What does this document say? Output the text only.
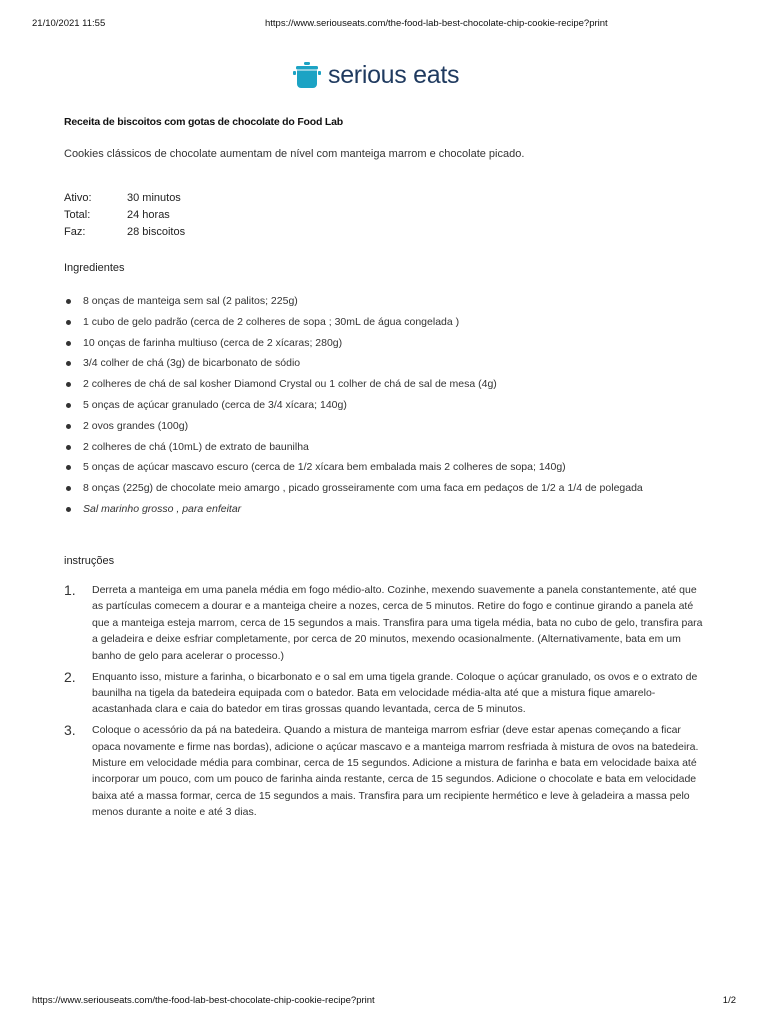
21/10/2021 11:55	https://www.seriouseats.com/the-food-lab-best-chocolate-chip-cookie-recipe?print
serious eats
Receita de biscoitos com gotas de chocolate do Food Lab
Cookies clássicos de chocolate aumentam de nível com manteiga marrom e chocolate picado.
Ativo:	30 minutos
Total:	24 horas
Faz:	28 biscoitos
Ingredientes
8 onças de manteiga sem sal (2 palitos; 225g)
1 cubo de gelo padrão (cerca de 2 colheres de sopa ; 30mL de água congelada )
10 onças de farinha multiuso (cerca de 2 xícaras; 280g)
3/4 colher de chá (3g) de bicarbonato de sódio
2 colheres de chá de sal kosher Diamond Crystal ou 1 colher de chá de sal de mesa (4g)
5 onças de açúcar granulado (cerca de 3/4 xícara; 140g)
2 ovos grandes (100g)
2 colheres de chá (10mL) de extrato de baunilha
5 onças de açúcar mascavo escuro (cerca de 1/2 xícara bem embalada mais 2 colheres de sopa; 140g)
8 onças (225g) de chocolate meio amargo , picado grosseiramente com uma faca em pedaços de 1/2 a 1/4 de polegada
Sal marinho grosso , para enfeitar
instruções
1. Derreta a manteiga em uma panela média em fogo médio-alto. Cozinhe, mexendo suavemente a panela constantemente, até que as partículas comecem a dourar e a manteiga cheire a nozes, cerca de 5 minutos. Retire do fogo e continue girando a panela até que a manteiga esteja marrom, cerca de 15 segundos a mais. Transfira para uma tigela média, bata no cubo de gelo, transfira para a geladeira e deixe esfriar completamente, por cerca de 20 minutos, mexendo ocasionalmente. (Alternativamente, bata em um banho de gelo para acelerar o processo.)
2. Enquanto isso, misture a farinha, o bicarbonato e o sal em uma tigela grande. Coloque o açúcar granulado, os ovos e o extrato de baunilha na tigela da batedeira equipada com o batedor. Bata em velocidade média-alta até que a mistura fique amarelo-acastanhada clara e caia do batedor em tiras grossas quando levantada, cerca de 5 minutos.
3. Coloque o acessório da pá na batedeira. Quando a mistura de manteiga marrom esfriar (deve estar apenas começando a ficar opaca novamente e firme nas bordas), adicione o açúcar mascavo e a manteiga marrom resfriada à mistura de ovos na batedeira. Misture em velocidade média para combinar, cerca de 15 segundos. Adicione a mistura de farinha e bata em velocidade baixa até incorporar um pouco, com um pouco de farinha ainda restante, cerca de 15 segundos. Adicione o chocolate e bata em velocidade baixa até a massa formar, cerca de 15 segundos a mais. Transfira para um recipiente hermético e leve à geladeira a massa pelo menos durante a noite e até 3 dias.
https://www.seriouseats.com/the-food-lab-best-chocolate-chip-cookie-recipe?print	1/2
